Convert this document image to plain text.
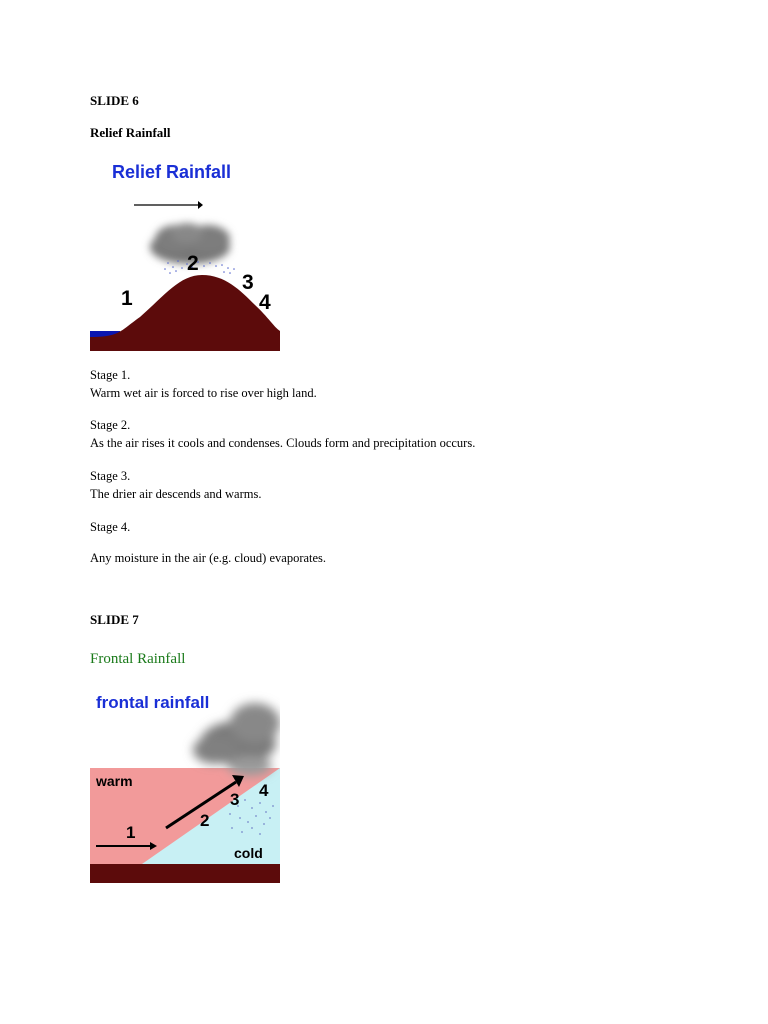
SLIDE 6
Relief Rainfall
Relief Rainfall
1
2
3
4
Stage 1.
Warm wet air is forced to rise over high land.
Stage 2.
As the air rises it cools and condenses. Clouds form and precipitation occurs.
Stage 3.
The drier air descends and warms.
Stage 4.
Any moisture in the air (e.g. cloud) evaporates.
SLIDE 7
Frontal Rainfall
frontal rainfall
warm
cold
1
2
3 4
